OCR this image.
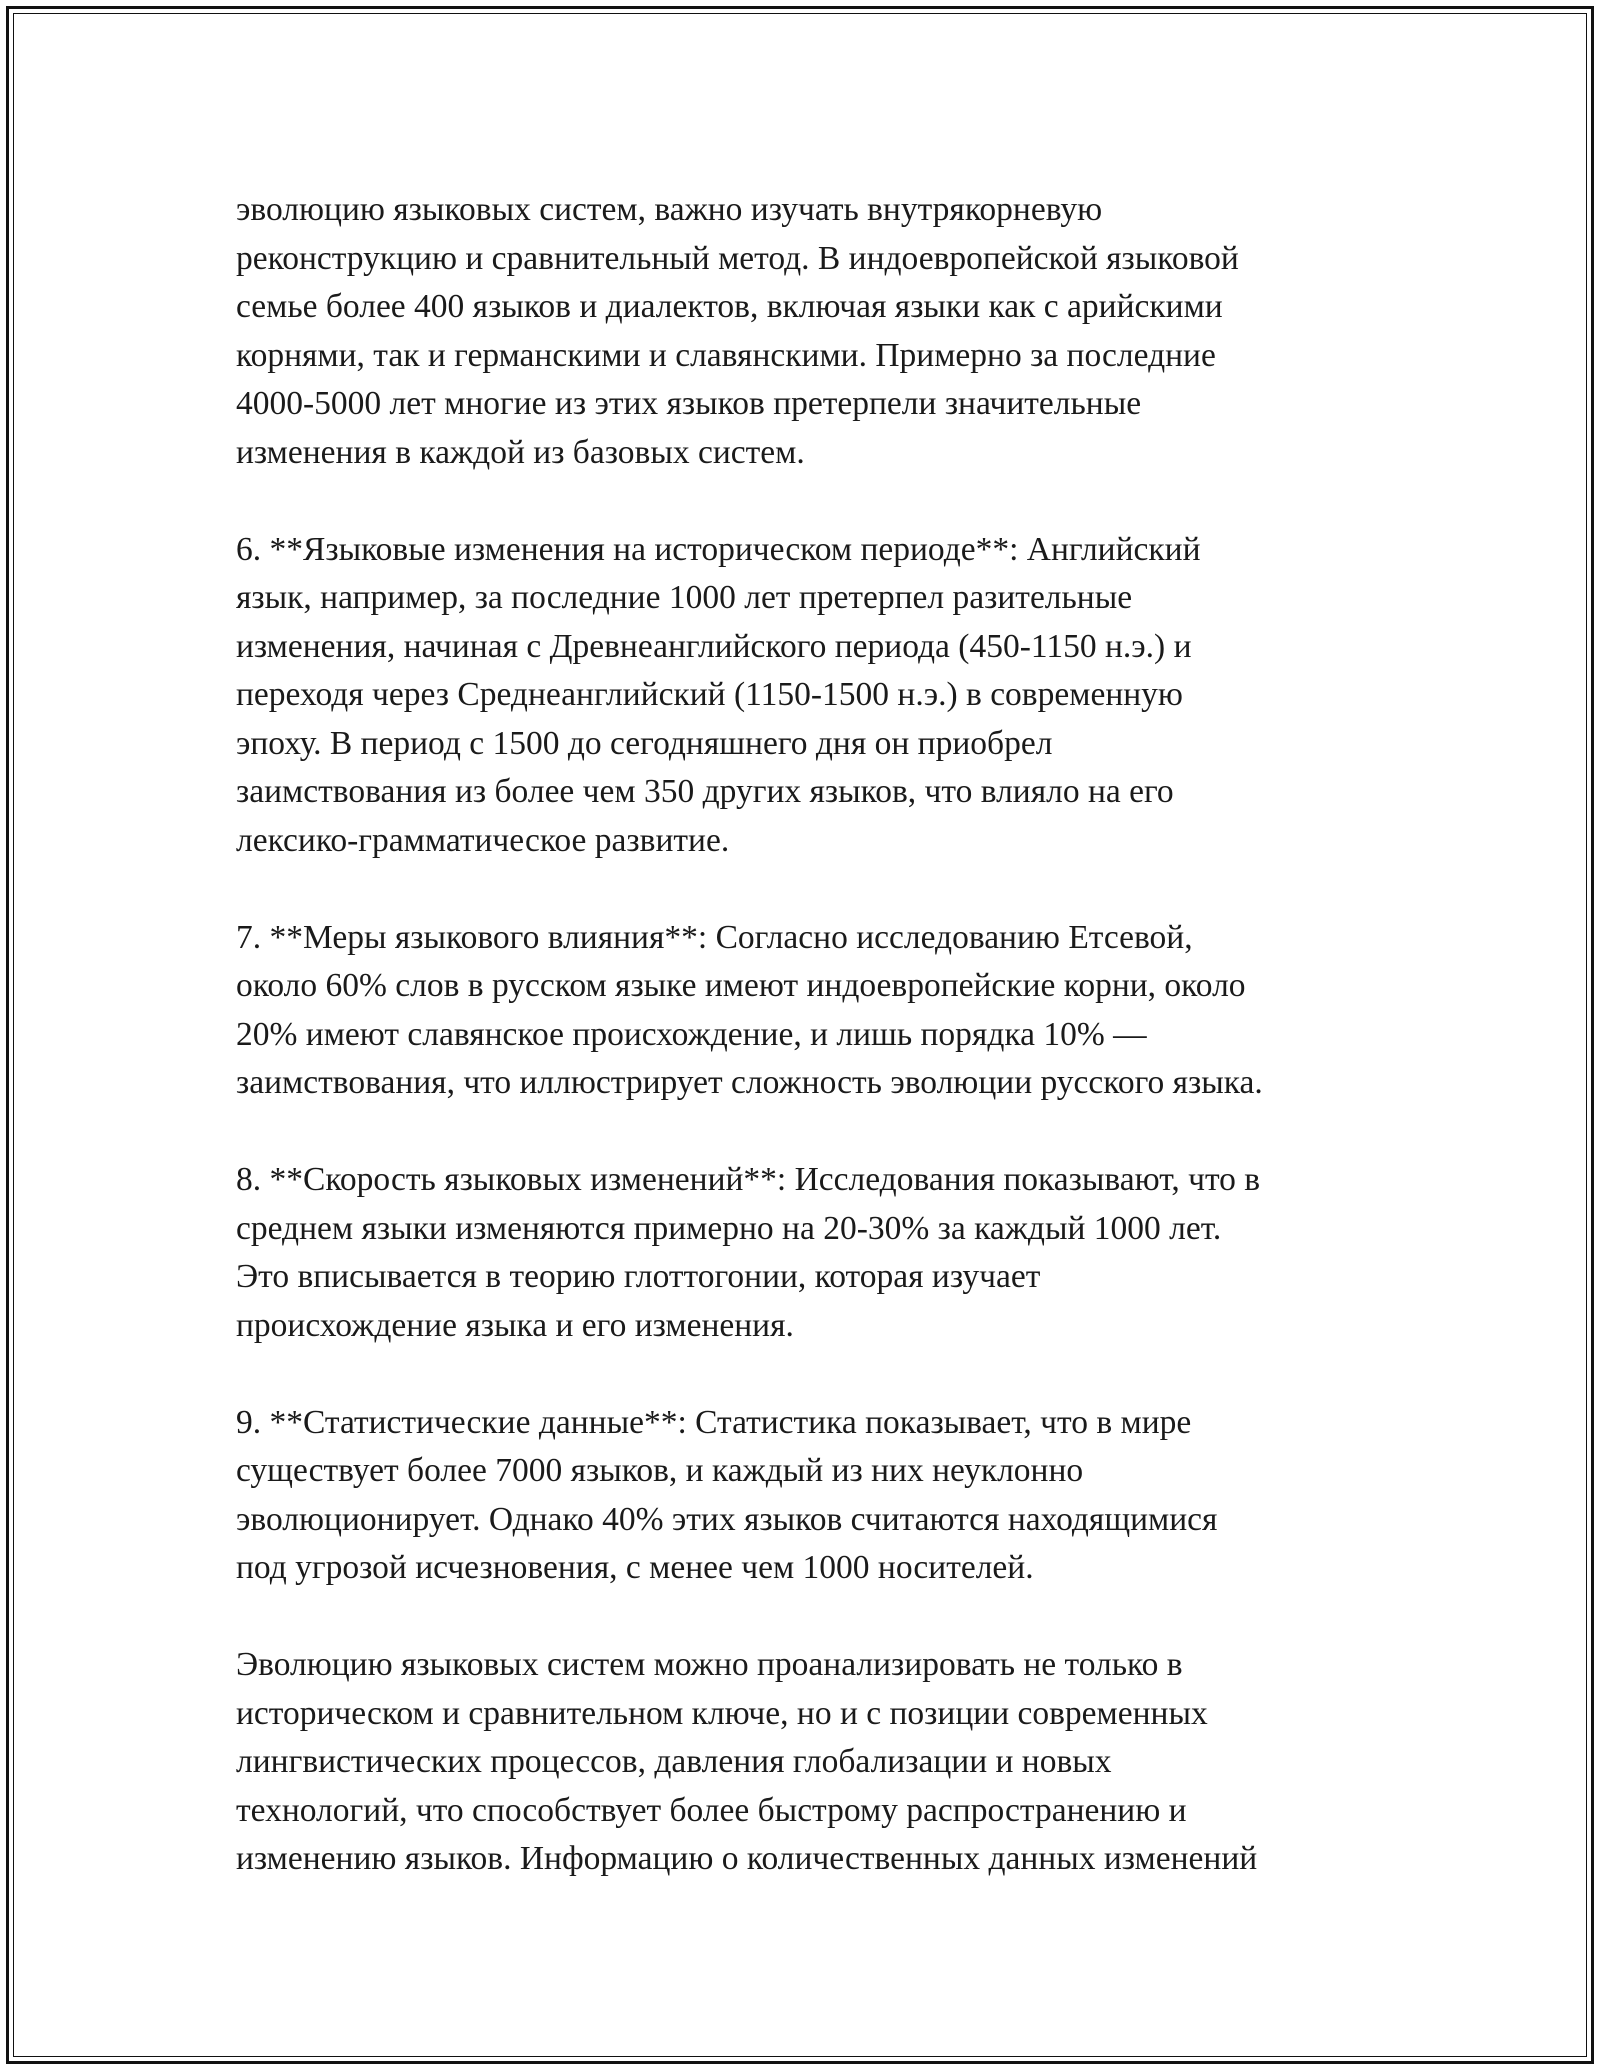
эволюцию языковых систем, важно изучать внутрякорневую
реконструкцию и сравнительный метод. В индоевропейской языковой
семье более 400 языков и диалектов, включая языки как с арийскими
корнями, так и германскими и славянскими. Примерно за последние
4000-5000 лет многие из этих языков претерпели значительные
изменения в каждой из базовых систем.

6. **Языковые изменения на историческом периоде**: Английский
язык, например, за последние 1000 лет претерпел разительные
изменения, начиная с Древнеанглийского периода (450-1150 н.э.) и
переходя через Среднеанглийский (1150-1500 н.э.) в современную
эпоху. В период с 1500 до сегодняшнего дня он приобрел
заимствования из более чем 350 других языков, что влияло на его
лексико-грамматическое развитие.

7. **Меры языкового влияния**: Согласно исследованию Етсевой,
около 60% слов в русском языке имеют индоевропейские корни, около
20% имеют славянское происхождение, и лишь порядка 10% —
заимствования, что иллюстрирует сложность эволюции русского языка.

8. **Скорость языковых изменений**: Исследования показывают, что в
среднем языки изменяются примерно на 20-30% за каждый 1000 лет.
Это вписывается в теорию глоттогонии, которая изучает
происхождение языка и его изменения.

9. **Статистические данные**: Статистика показывает, что в мире
существует более 7000 языков, и каждый из них неуклонно
эволюционирует. Однако 40% этих языков считаются находящимися
под угрозой исчезновения, с менее чем 1000 носителей.

Эволюцию языковых систем можно проанализировать не только в
историческом и сравнительном ключе, но и с позиции современных
лингвистических процессов, давления глобализации и новых
технологий, что способствует более быстрому распространению и
изменению языков. Информацию о количественных данных изменений
